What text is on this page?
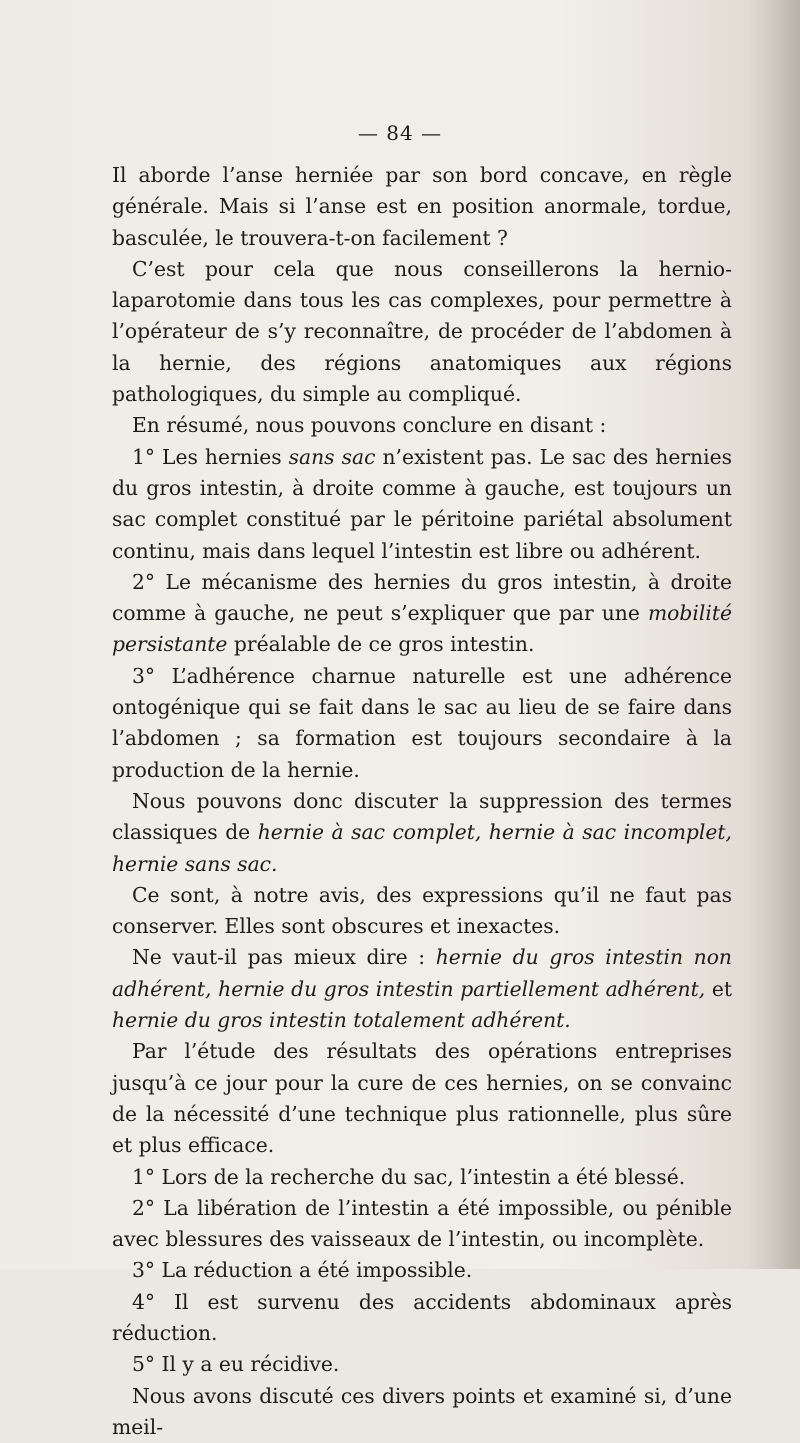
— 84 —

Il aborde l’anse herniée par son bord concave, en règle générale. Mais si l’anse est en position anormale, tordue, basculée, le trouvera-t-on facilement ?

C’est pour cela que nous conseillerons la hernio-laparotomie dans tous les cas complexes, pour permettre à l’opérateur de s’y reconnaître, de procéder de l’abdomen à la hernie, des régions anatomiques aux régions pathologiques, du simple au compliqué.

En résumé, nous pouvons conclure en disant :

1° Les hernies sans sac n’existent pas. Le sac des hernies du gros intestin, à droite comme à gauche, est toujours un sac complet constitué par le péritoine pariétal absolument continu, mais dans lequel l’intestin est libre ou adhérent.

2° Le mécanisme des hernies du gros intestin, à droite comme à gauche, ne peut s’expliquer que par une mobilité persistante préalable de ce gros intestin.

3° L’adhérence charnue naturelle est une adhérence ontogénique qui se fait dans le sac au lieu de se faire dans l’abdomen ; sa formation est toujours secondaire à la production de la hernie.

Nous pouvons donc discuter la suppression des termes classiques de hernie à sac complet, hernie à sac incomplet, hernie sans sac.

Ce sont, à notre avis, des expressions qu’il ne faut pas conserver. Elles sont obscures et inexactes.

Ne vaut-il pas mieux dire : hernie du gros intestin non adhérent, hernie du gros intestin partiellement adhérent, et hernie du gros intestin totalement adhérent.

Par l’étude des résultats des opérations entreprises jusqu’à ce jour pour la cure de ces hernies, on se convainc de la nécessité d’une technique plus rationnelle, plus sûre et plus efficace.

1° Lors de la recherche du sac, l’intestin a été blessé.

2° La libération de l’intestin a été impossible, ou pénible avec blessures des vaisseaux de l’intestin, ou incomplète.

3° La réduction a été impossible.

4° Il est survenu des accidents abdominaux après réduction.

5° Il y a eu récidive.

Nous avons discuté ces divers points et examiné si, d’une meil-
